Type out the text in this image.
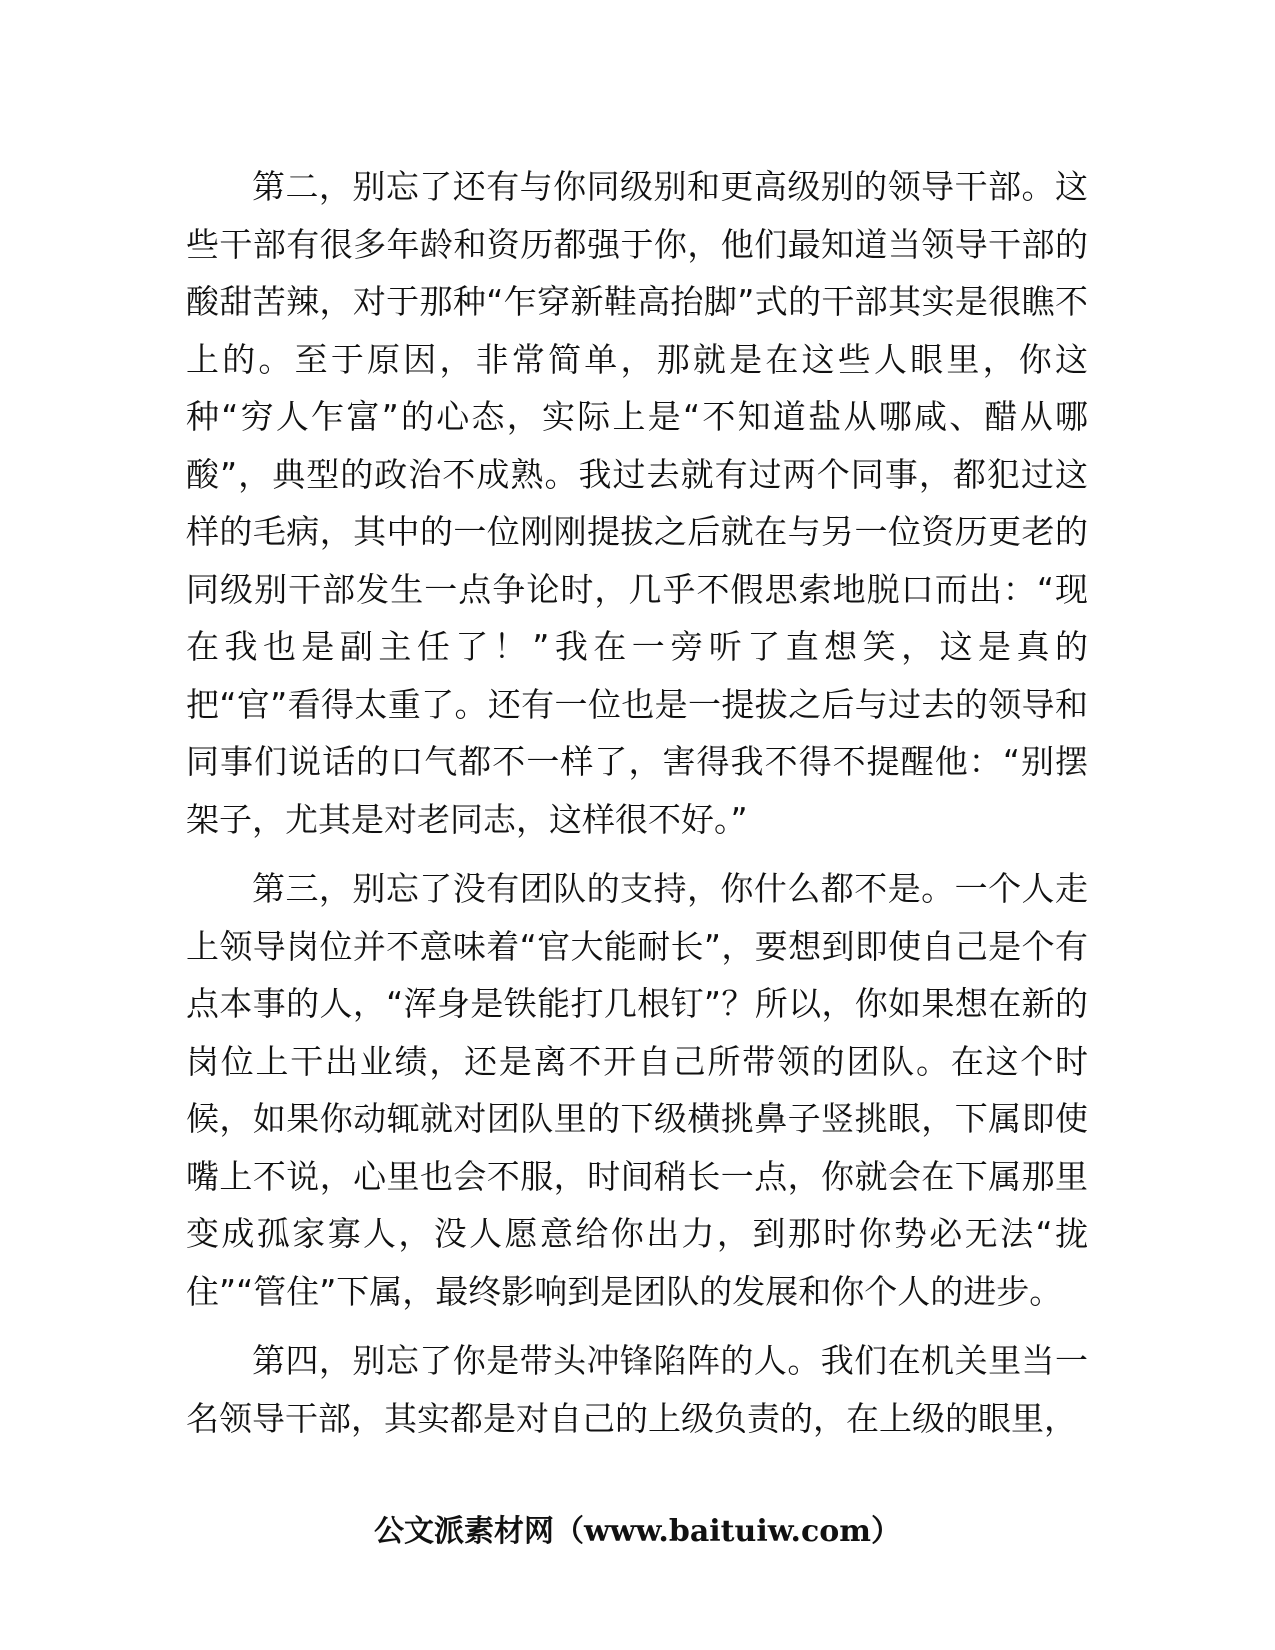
第二，别忘了还有与你同级别和更高级别的领导干部。这些干部有很多年龄和资历都强于你，他们最知道当领导干部的酸甜苦辣，对于那种“乍穿新鞋高抬脚”式的干部其实是很瞧不上的。至于原因，非常简单，那就是在这些人眼里，你这种“穷人乍富”的心态，实际上是“不知道盐从哪咸、醋从哪酸”，典型的政治不成熟。我过去就有过两个同事，都犯过这样的毛病，其中的一位刚刚提拔之后就在与另一位资历更老的同级别干部发生一点争论时，几乎不假思索地脱口而出：“现在我也是副主任了！”我在一旁听了直想笑，这是真的把“官”看得太重了。还有一位也是一提拔之后与过去的领导和同事们说话的口气都不一样了，害得我不得不提醒他：“别摆架子，尤其是对老同志，这样很不好。”

第三，别忘了没有团队的支持，你什么都不是。一个人走上领导岗位并不意味着“官大能耐长”，要想到即使自己是个有点本事的人，“浑身是铁能打几根钉”？所以，你如果想在新的岗位上干出业绩，还是离不开自己所带领的团队。在这个时候，如果你动辄就对团队里的下级横挑鼻子竖挑眼，下属即使嘴上不说，心里也会不服，时间稍长一点，你就会在下属那里变成孤家寡人，没人愿意给你出力，到那时你势必无法“拢住”“管住”下属，最终影响到是团队的发展和你个人的进步。

第四，别忘了你是带头冲锋陷阵的人。我们在机关里当一名领导干部，其实都是对自己的上级负责的，在上级的眼里，

公文派素材网（www.baituiw.com）
